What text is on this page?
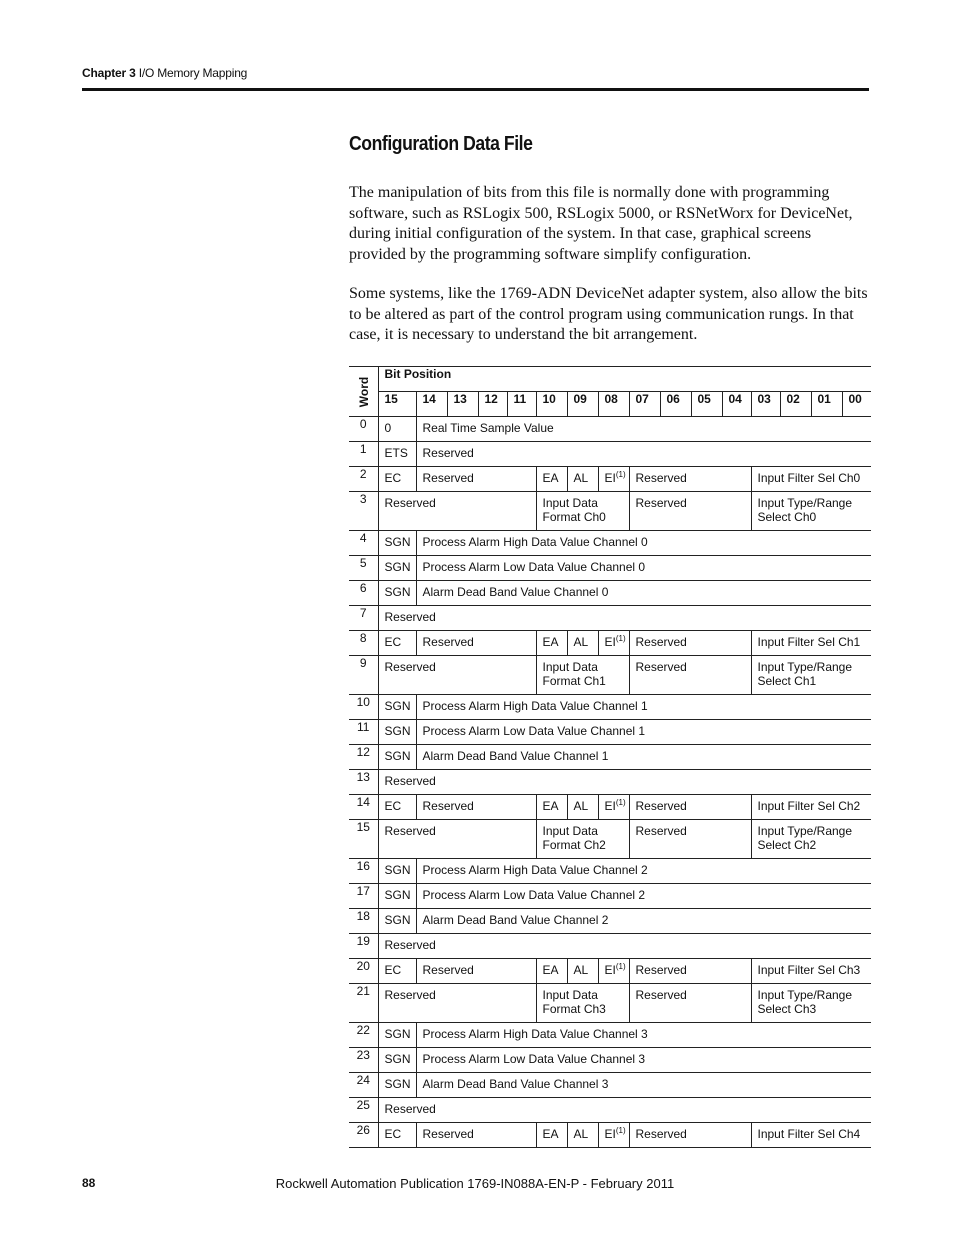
Chapter 3 I/O Memory Mapping
Configuration Data File

The manipulation of bits from this file is normally done with programming software, such as RSLogix 500, RSLogix 5000, or RSNetWorx for DeviceNet, during initial configuration of the system. In that case, graphical screens provided by the programming software simplify configuration.

Some systems, like the 1769-ADN DeviceNet adapter system, also allow the bits to be altered as part of the control program using communication rungs. In that case, it is necessary to understand the bit arrangement.

Word	Bit Position															
	15	14	13	12	11	10	09	08	07	06	05	04	03	02	01	00
0	0	Real Time Sample Value														
1	ETS	Reserved														
2	EC	Reserved				EA	AL	EI$^{(1)}$	Reserved				Input Filter Sel Ch0			
3	Reserved					Input Data Format Ch0			Reserved				Input Type/Range Select Ch0			
4	SGN	Process Alarm High Data Value Channel 0														
5	SGN	Process Alarm Low Data Value Channel 0														
6	SGN	Alarm Dead Band Value Channel 0														
7	Reserved															
8	EC	Reserved				EA	AL	EI$^{(1)}$	Reserved				Input Filter Sel Ch1			
9	Reserved					Input Data Format Ch1			Reserved				Input Type/Range Select Ch1			
10	SGN	Process Alarm High Data Value Channel 1														
11	SGN	Process Alarm Low Data Value Channel 1														
12	SGN	Alarm Dead Band Value Channel 1														
13	Reserved															
14	EC	Reserved				EA	AL	EI$^{(1)}$	Reserved				Input Filter Sel Ch2			
15	Reserved					Input Data Format Ch2			Reserved				Input Type/Range Select Ch2			
16	SGN	Process Alarm High Data Value Channel 2														
17	SGN	Process Alarm Low Data Value Channel 2														
18	SGN	Alarm Dead Band Value Channel 2														
19	Reserved															
20	EC	Reserved				EA	AL	EI$^{(1)}$	Reserved				Input Filter Sel Ch3			
21	Reserved					Input Data Format Ch3			Reserved				Input Type/Range Select Ch3			
22	SGN	Process Alarm High Data Value Channel 3														
23	SGN	Process Alarm Low Data Value Channel 3														
24	SGN	Alarm Dead Band Value Channel 3														
25	Reserved															
26	EC	Reserved				EA	AL	EI$^{(1)}$	Reserved				Input Filter Sel Ch4			
88	Rockwell Automation Publication 1769-IN088A-EN-P - February 2011
